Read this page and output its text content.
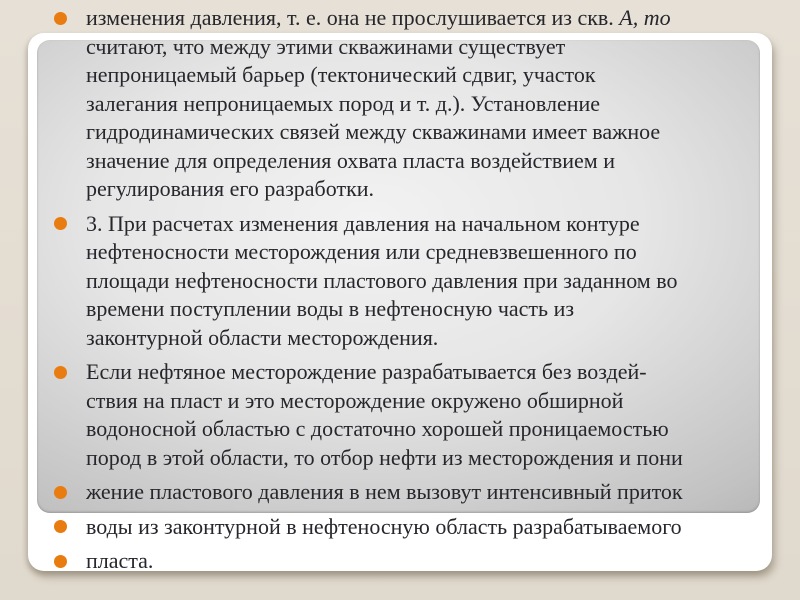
изменения давления, т. е. она не прослушивается из скв. А, то
считают, что между этими скважинами существует
непроницаемый барьер (тектонический сдвиг, участок
залегания непроницаемых пород и т. д.). Установление
гидродинамических связей между скважинами имеет важное
значение для определения охвата пласта воздействием и
регулирования его разработки.
3. При расчетах изменения давления на начальном контуре
нефтеносности месторождения или средневзвешенного по
площади нефтеносности пластового давления при заданном во
времени поступлении воды в нефтеносную часть из
законтурной области месторождения.
Если нефтяное месторождение разрабатывается без воздей-
ствия на пласт и это месторождение окружено обширной
водоносной областью с достаточно хорошей проницаемостью
пород в этой области, то отбор нефти из месторождения и пони
жение пластового давления в нем вызовут интенсивный приток
воды из законтурной в нефтеносную область разрабатываемого
пласта.
